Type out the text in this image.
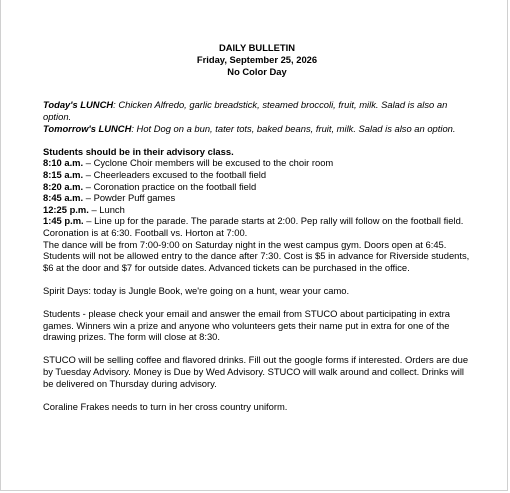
DAILY BULLETIN
Friday, September 25, 2026
No Color Day

Today's LUNCH: Chicken Alfredo, garlic breadstick, steamed broccoli, fruit, milk. Salad is also an option.

Tomorrow's LUNCH: Hot Dog on a bun, tater tots, baked beans, fruit, milk. Salad is also an option.

Students should be in their advisory class.

8:10 a.m. – Cyclone Choir members will be excused to the choir room

8:15 a.m. – Cheerleaders excused to the football field

8:20 a.m. – Coronation practice on the football field

8:45 a.m. – Powder Puff games

12:25 p.m. – Lunch

1:45 p.m. – Line up for the parade. The parade starts at 2:00. Pep rally will follow on the football field.

Coronation is at 6:30. Football vs. Horton at 7:00.

The dance will be from 7:00-9:00 on Saturday night in the west campus gym. Doors open at 6:45. Students will not be allowed entry to the dance after 7:30. Cost is $5 in advance for Riverside students, $6 at the door and $7 for outside dates. Advanced tickets can be purchased in the office.

Spirit Days: today is Jungle Book, we're going on a hunt, wear your camo.

Students - please check your email and answer the email from STUCO about participating in extra games. Winners win a prize and anyone who volunteers gets their name put in extra for one of the drawing prizes. The form will close at 8:30.

STUCO will be selling coffee and flavored drinks. Fill out the google forms if interested. Orders are due by Tuesday Advisory. Money is Due by Wed Advisory. STUCO will walk around and collect. Drinks will be delivered on Thursday during advisory.

Coraline Frakes needs to turn in her cross country uniform.
